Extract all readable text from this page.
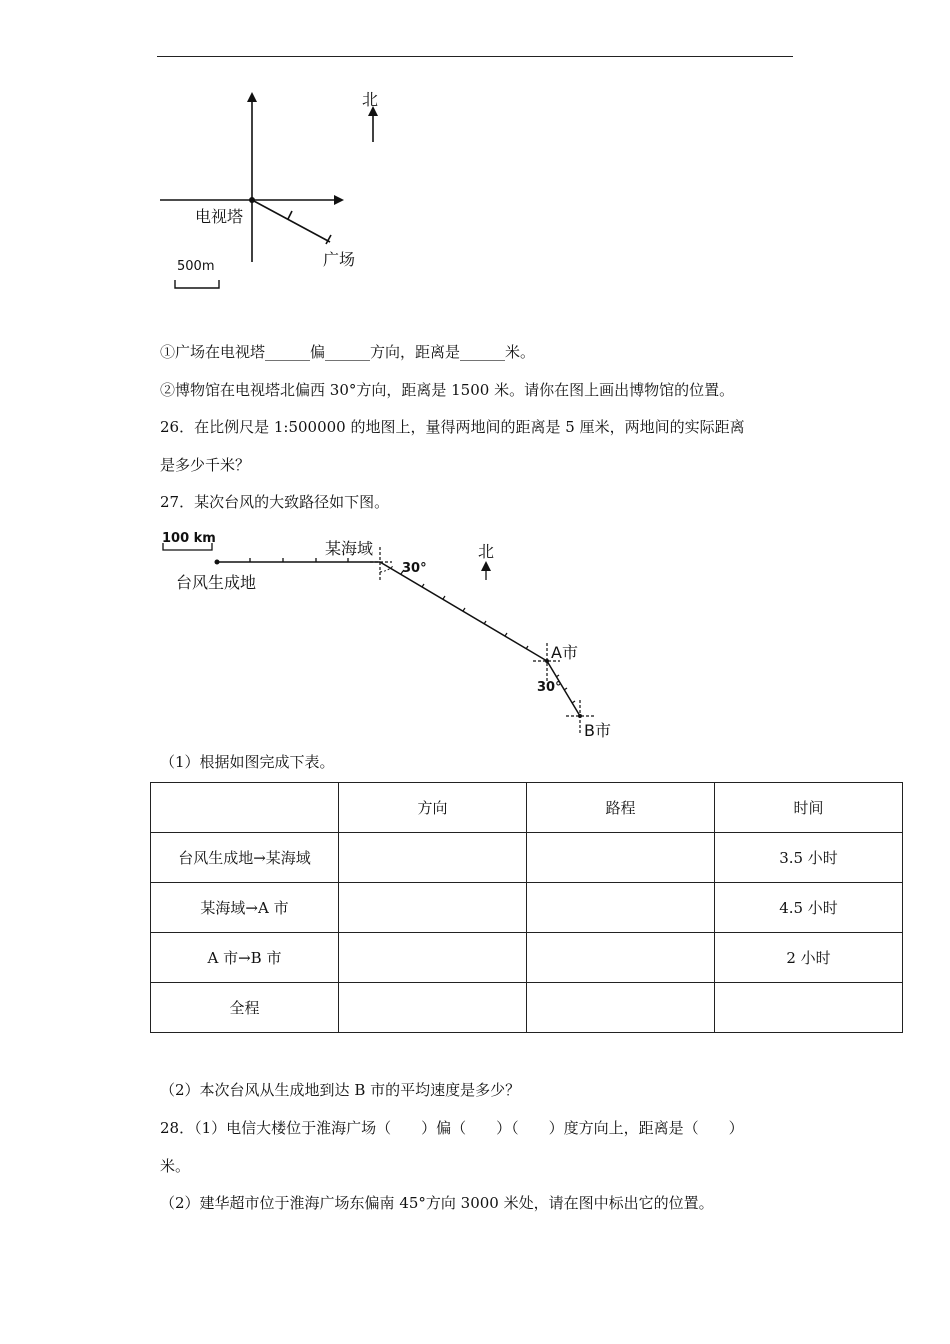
北
电视塔
广场
500m
①广场在电视塔______偏______方向，距离是______米。
②博物馆在电视塔北偏西 30°方向，距离是 1500 米。请你在图上画出博物馆的位置。
26．在比例尺是 1:500000 的地图上，量得两地间的距离是 5 厘米，两地间的实际距离
是多少千米？
27．某次台风的大致路径如下图。
100 km
台风生成地
某海域
30°
北
A市
30°
B市
（1）根据如图完成下表。
	方向	路程	时间
台风生成地→某海域			3.5 小时
某海域→A 市			4.5 小时
A 市→B 市			2 小时
全程			
（2）本次台风从生成地到达 B 市的平均速度是多少？
28．（1）电信大楼位于淮海广场（　　）偏（　　）（　　）度方向上，距离是（　　）
米。
（2）建华超市位于淮海广场东偏南 45°方向 3000 米处，请在图中标出它的位置。
